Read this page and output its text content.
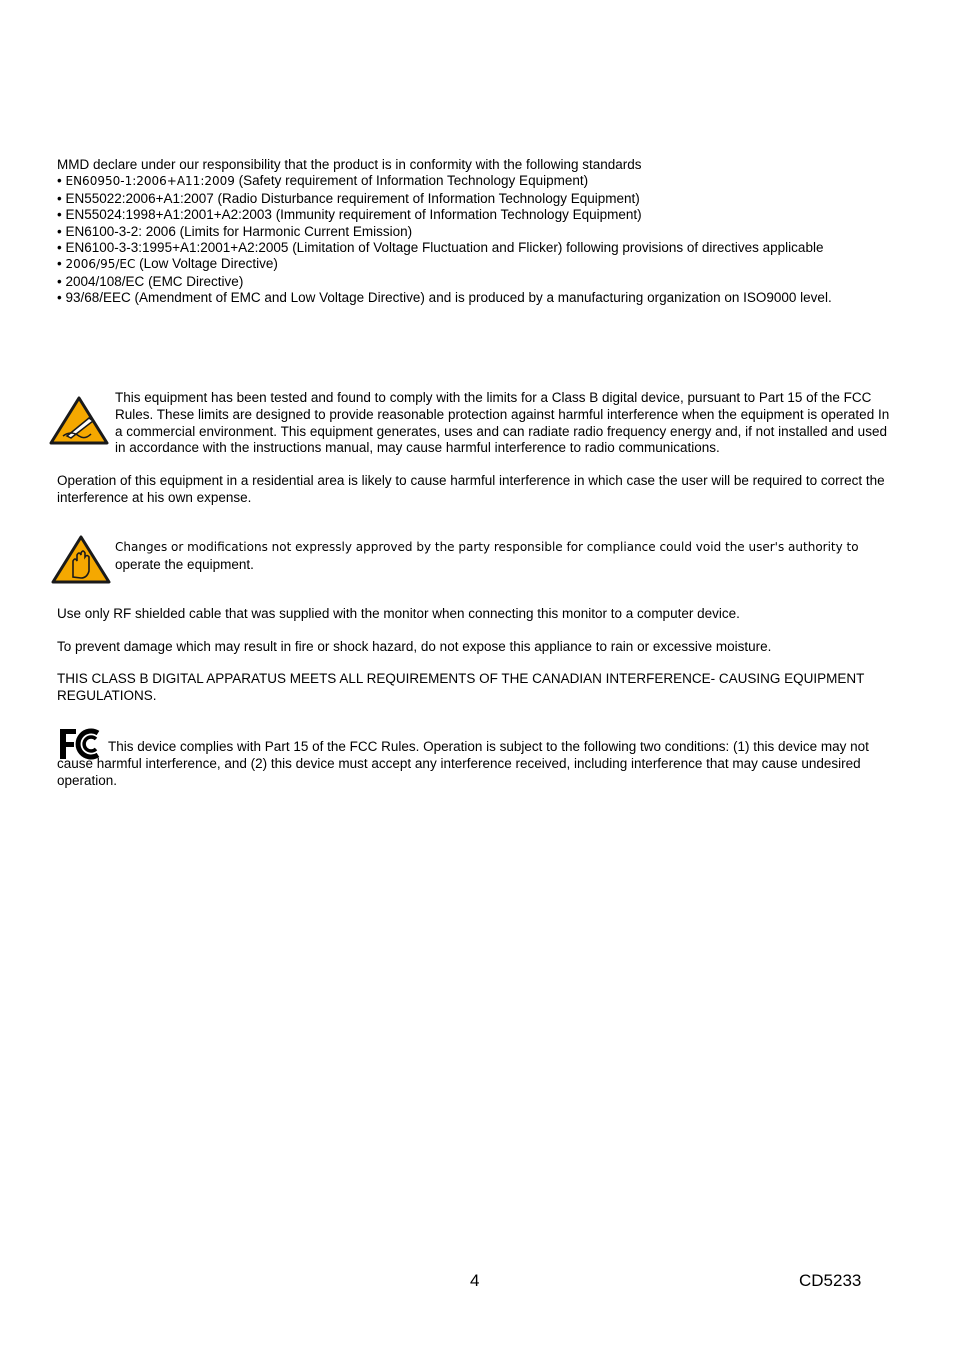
MMD declare under our responsibility that the product is in conformity with the following standards
• EN60950-1:2006+A11:2009 (Safety requirement of Information Technology Equipment)
• EN55022:2006+A1:2007 (Radio Disturbance requirement of Information Technology Equipment)
• EN55024:1998+A1:2001+A2:2003 (Immunity requirement of Information Technology Equipment)
• EN6100-3-2: 2006 (Limits for Harmonic Current Emission)
• EN6100-3-3:1995+A1:2001+A2:2005 (Limitation of Voltage Fluctuation and Flicker) following provisions of directives applicable
• 2006/95/EC (Low Voltage Directive)
• 2004/108/EC (EMC Directive)
• 93/68/EEC (Amendment of EMC and Low Voltage Directive) and is produced by a manufacturing organization on ISO9000 level.
This equipment has been tested and found to comply with the limits for a Class B digital device, pursuant to Part 15 of the FCC Rules. These limits are designed to provide reasonable protection against harmful interference when the equipment is operated In a commercial environment. This equipment generates, uses and can radiate radio frequency energy and, if not installed and used in accordance with the instructions manual, may cause harmful interference to radio communications.
Operation of this equipment in a residential area is likely to cause harmful interference in which case the user will be required to correct the interference at his own expense.
Changes or modifications not expressly approved by the party responsible for compliance could void the user's authority to
operate the equipment.
Use only RF shielded cable that was supplied with the monitor when connecting this monitor to a computer device.
To prevent damage which may result in fire or shock hazard, do not expose this appliance to rain or excessive moisture.
THIS CLASS B DIGITAL APPARATUS MEETS ALL REQUIREMENTS OF THE CANADIAN INTERFERENCE- CAUSING EQUIPMENT REGULATIONS.
This device complies with Part 15 of the FCC Rules. Operation is subject to the following two conditions: (1) this device may not cause harmful interference, and (2) this device must accept any interference received, including interference that may cause undesired operation.
4	CD5233
